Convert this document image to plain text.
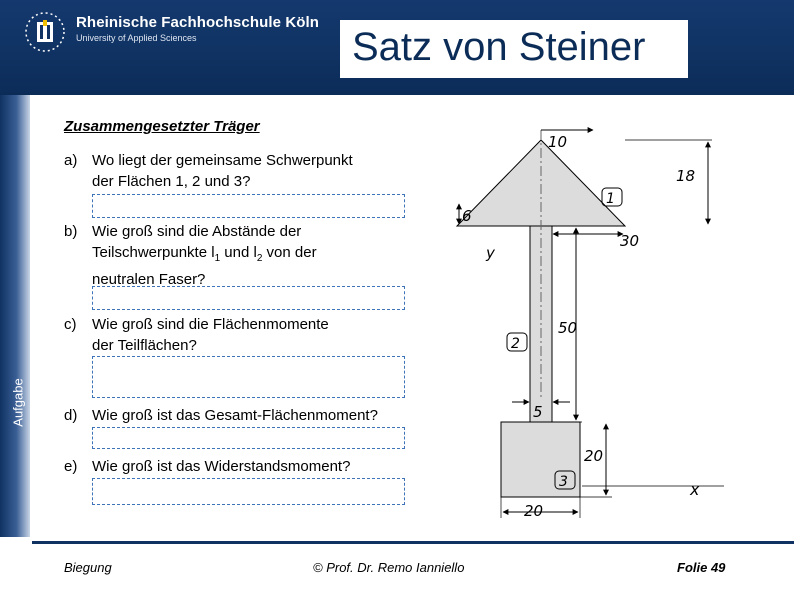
Rheinische Fachhochschule Köln
University of Applied Sciences	Satz von Steiner
Aufgabe
Zusammengesetzter Träger
a) Wo liegt der gemeinsame Schwerpunkt
der Flächen 1, 2 und 3?
b) Wie groß sind die Abstände der
Teilschwerpunkte $l_1$ und $l_2$ von der
neutralen Faser?
c) Wie groß sind die Flächenmomente
der Teilflächen?
d) Wie groß ist das Gesamt-Flächenmoment?
e) Wie groß ist das Widerstandsmoment?
10
18
6
30
y
50
5
20
20
x
1
2
3
Biegung	© Prof. Dr. Remo Ianniello	Folie 49
